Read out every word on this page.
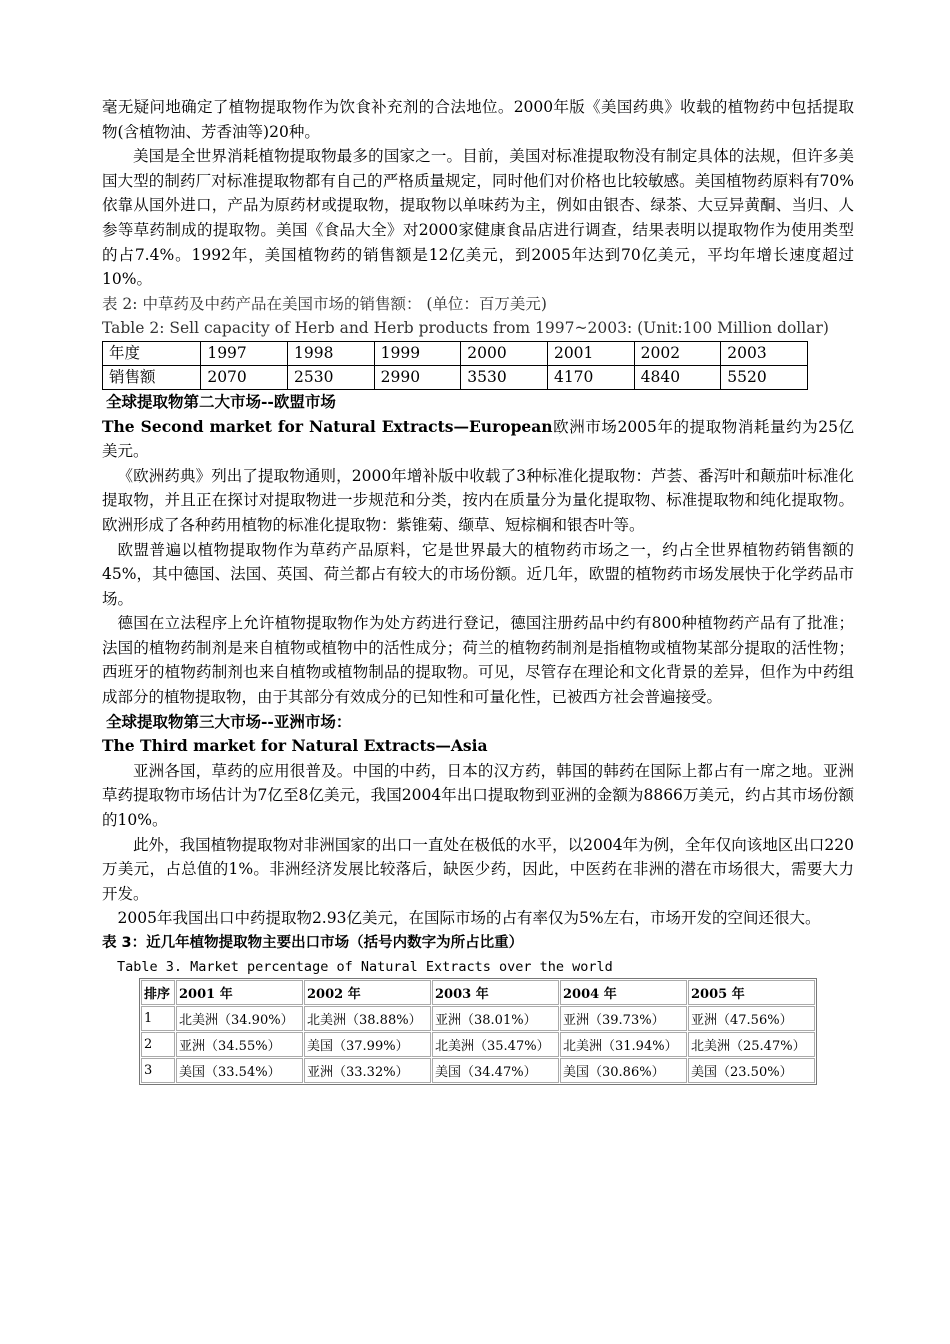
毫无疑问地确定了植物提取物作为饮食补充剂的合法地位。2000年版《美国药典》收载的植物药中包括提取物(含植物油、芳香油等)20种。

美国是全世界消耗植物提取物最多的国家之一。目前，美国对标准提取物没有制定具体的法规，但许多美国大型的制药厂对标准提取物都有自己的严格质量规定，同时他们对价格也比较敏感。美国植物药原料有70%依靠从国外进口，产品为原药材或提取物，提取物以单味药为主，例如由银杏、绿茶、大豆异黄酮、当归、人参等草药制成的提取物。美国《食品大全》对2000家健康食品店进行调查，结果表明以提取物作为使用类型的占7.4%。1992年，美国植物药的销售额是12亿美元，到2005年达到70亿美元，平均年增长速度超过10%。

表 2: 中草药及中药产品在美国市场的销售额： (单位：百万美元)

Table 2: Sell capacity of Herb and Herb products from 1997~2003: (Unit:100 Million dollar)

年度	1997	1998	1999	2000	2001	2002	2003
销售额	2070	2530	2990	3530	4170	4840	5520

全球提取物第二大市场--欧盟市场

The Second market for Natural Extracts—European欧洲市场2005年的提取物消耗量约为25亿美元。

《欧洲药典》列出了提取物通则，2000年增补版中收载了3种标准化提取物：芦荟、番泻叶和颠茄叶标准化提取物，并且正在探讨对提取物进一步规范和分类，按内在质量分为量化提取物、标准提取物和纯化提取物。欧洲形成了各种药用植物的标准化提取物：紫锥菊、缬草、短棕榈和银杏叶等。

欧盟普遍以植物提取物作为草药产品原料，它是世界最大的植物药市场之一，约占全世界植物药销售额的45%，其中德国、法国、英国、荷兰都占有较大的市场份额。近几年，欧盟的植物药市场发展快于化学药品市场。

德国在立法程序上允许植物提取物作为处方药进行登记，德国注册药品中约有800种植物药产品有了批准；法国的植物药制剂是来自植物或植物中的活性成分；荷兰的植物药制剂是指植物或植物某部分提取的活性物；西班牙的植物药制剂也来自植物或植物制品的提取物。可见，尽管存在理论和文化背景的差异，但作为中药组成部分的植物提取物，由于其部分有效成分的已知性和可量化性，已被西方社会普遍接受。

全球提取物第三大市场--亚洲市场：

The Third market for Natural Extracts—Asia

亚洲各国，草药的应用很普及。中国的中药，日本的汉方药，韩国的韩药在国际上都占有一席之地。亚洲草药提取物市场估计为7亿至8亿美元，我国2004年出口提取物到亚洲的金额为8866万美元，约占其市场份额的10%。

此外，我国植物提取物对非洲国家的出口一直处在极低的水平，以2004年为例，全年仅向该地区出口220万美元，占总值的1%。非洲经济发展比较落后，缺医少药，因此，中医药在非洲的潜在市场很大，需要大力开发。

2005年我国出口中药提取物2.93亿美元，在国际市场的占有率仅为5%左右，市场开发的空间还很大。

表 3：近几年植物提取物主要出口市场（括号内数字为所占比重）

Table 3. Market percentage of Natural Extracts over the world

排序	2001 年	2002 年	2003 年	2004 年	2005 年
1	北美洲（34.90%）	北美洲（38.88%）	亚洲（38.01%）	亚洲（39.73%）	亚洲（47.56%）
2	亚洲（34.55%）	美国（37.99%）	北美洲（35.47%）	北美洲（31.94%）	北美洲（25.47%）
3	美国（33.54%）	亚洲（33.32%）	美国（34.47%）	美国（30.86%）	美国（23.50%）
